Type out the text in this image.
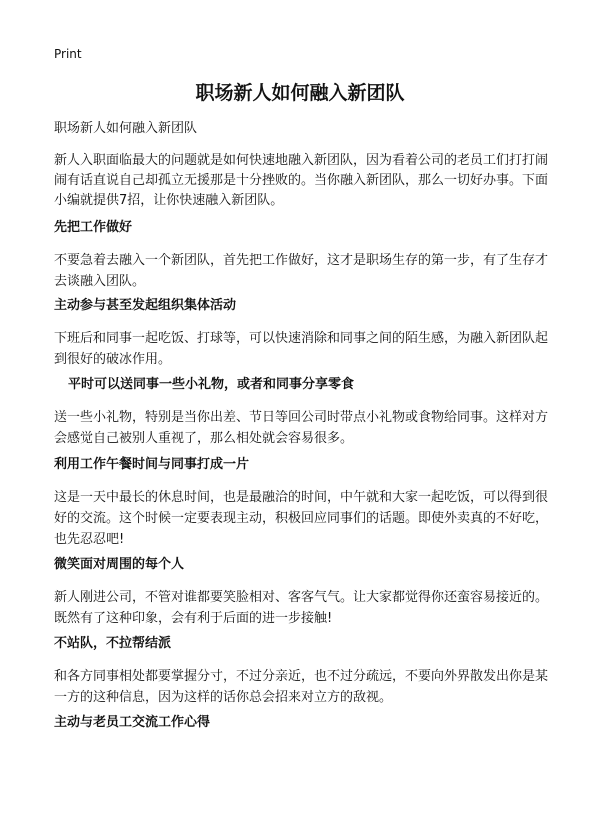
Print
职场新人如何融入新团队
职场新人如何融入新团队

新人入职面临最大的问题就是如何快速地融入新团队，因为看着公司的老员工们打打闹闹有话直说自己却孤立无援那是十分挫败的。当你融入新团队，那么一切好办事。下面小编就提供7招，让你快速融入新团队。

先把工作做好

不要急着去融入一个新团队，首先把工作做好，这才是职场生存的第一步，有了生存才去谈融入团队。

主动参与甚至发起组织集体活动

下班后和同事一起吃饭、打球等，可以快速消除和同事之间的陌生感，为融入新团队起到很好的破冰作用。

平时可以送同事一些小礼物，或者和同事分享零食

送一些小礼物，特别是当你出差、节日等回公司时带点小礼物或食物给同事。这样对方会感觉自己被别人重视了，那么相处就会容易很多。

利用工作午餐时间与同事打成一片

这是一天中最长的休息时间，也是最融洽的时间，中午就和大家一起吃饭，可以得到很好的交流。这个时候一定要表现主动，积极回应同事们的话题。即使外卖真的不好吃，也先忍忍吧!

微笑面对周围的每个人

新人刚进公司，不管对谁都要笑脸相对、客客气气。让大家都觉得你还蛮容易接近的。既然有了这种印象，会有利于后面的进一步接触!

不站队，不拉帮结派

和各方同事相处都要掌握分寸，不过分亲近，也不过分疏远，不要向外界散发出你是某一方的这种信息，因为这样的话你总会招来对立方的敌视。

主动与老员工交流工作心得
